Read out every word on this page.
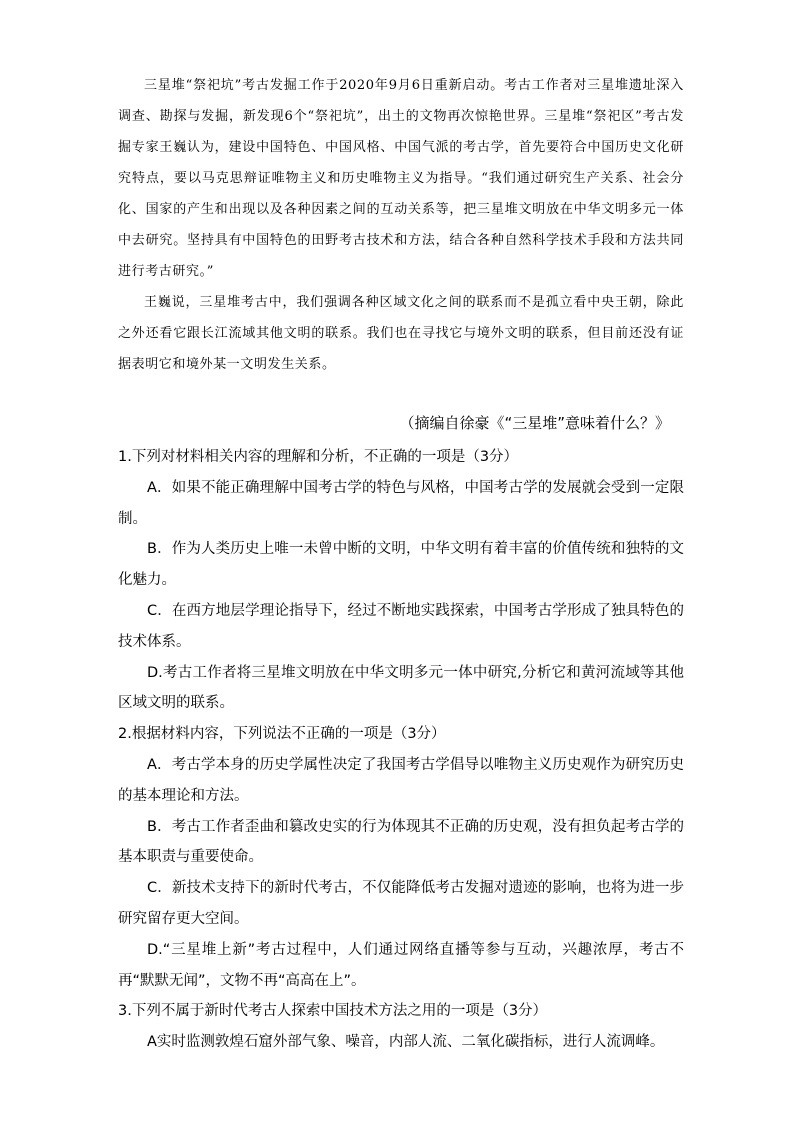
三星堆“祭祀坑”考古发掘工作于2020年9月6日重新启动。考古工作者对三星堆遗址深入调查、勘探与发掘，新发现6个“祭祀坑”，出土的文物再次惊艳世界。三星堆“祭祀区”考古发掘专家王巍认为，建设中国特色、中国风格、中国气派的考古学，首先要符合中国历史文化研究特点，要以马克思辩证唯物主义和历史唯物主义为指导。“我们通过研究生产关系、社会分化、国家的产生和出现以及各种因素之间的互动关系等，把三星堆文明放在中华文明多元一体中去研究。坚持具有中国特色的田野考古技术和方法，结合各种自然科学技术手段和方法共同进行考古研究。”

王巍说，三星堆考古中，我们强调各种区域文化之间的联系而不是孤立看中央王朝，除此之外还看它跟长江流域其他文明的联系。我们也在寻找它与境外文明的联系，但目前还没有证据表明它和境外某一文明发生关系。

（摘编自徐豪《“三星堆”意味着什么？》

1.下列对材料相关内容的理解和分析，不正确的一项是（3分）

A．如果不能正确理解中国考古学的特色与风格，中国考古学的发展就会受到一定限制。

B．作为人类历史上唯一未曾中断的文明，中华文明有着丰富的价值传统和独特的文化魅力。

C．在西方地层学理论指导下，经过不断地实践探索，中国考古学形成了独具特色的技术体系。

D.考古工作者将三星堆文明放在中华文明多元一体中研究,分析它和黄河流域等其他区域文明的联系。

2.根据材料内容，下列说法不正确的一项是（3分）

A．考古学本身的历史学属性决定了我国考古学倡导以唯物主义历史观作为研究历史的基本理论和方法。

B．考古工作者歪曲和篡改史实的行为体现其不正确的历史观，没有担负起考古学的基本职责与重要使命。

C．新技术支持下的新时代考古，不仅能降低考古发掘对遗迹的影响，也将为进一步研究留存更大空间。

D.“三星堆上新”考古过程中，人们通过网络直播等参与互动，兴趣浓厚，考古不再“默默无闻”，文物不再“高高在上”。

3.下列不属于新时代考古人探索中国技术方法之用的一项是（3分）

A实时监测敦煌石窟外部气象、噪音，内部人流、二氧化碳指标，进行人流调峰。
